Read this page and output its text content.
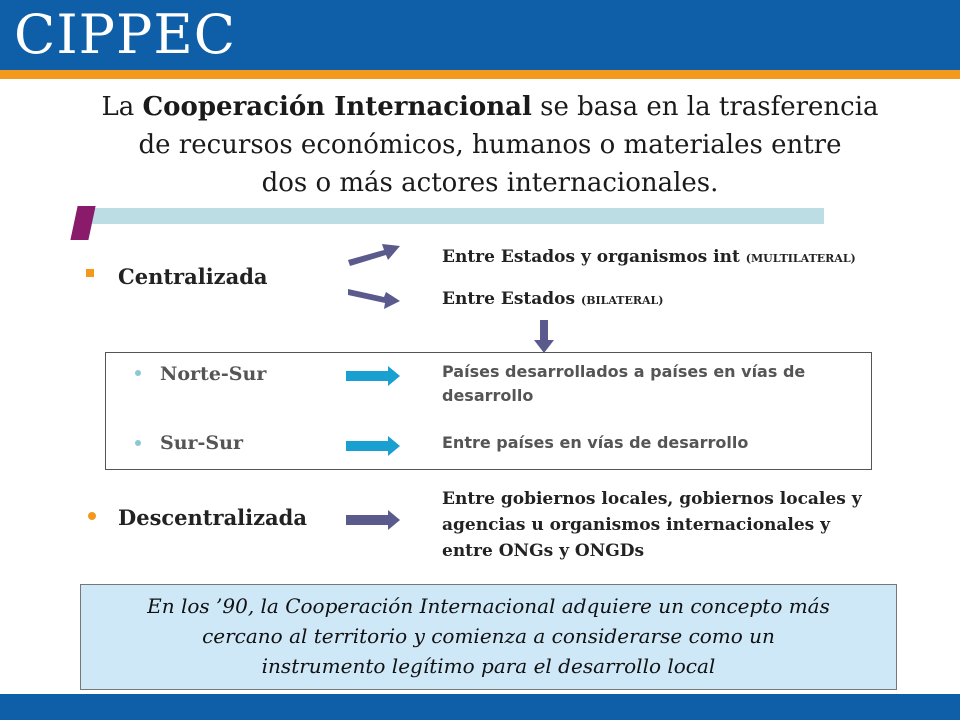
CIPPEC
La Cooperación Internacional se basa en la trasferencia
de recursos económicos, humanos o materiales entre
dos o más actores internacionales.
Centralizada
Entre Estados y organismos int (MULTILATERAL)
Entre Estados (BILATERAL)
Norte-Sur	Países desarrollados a países en vías de
desarrollo
Sur-Sur	Entre países en vías de desarrollo
Descentralizada
Entre gobiernos locales, gobiernos locales y
agencias u organismos internacionales y
entre ONGs y ONGDs
En los ’90, la Cooperación Internacional adquiere un concepto más
cercano al territorio y comienza a considerarse como un
instrumento legítimo para el desarrollo local
